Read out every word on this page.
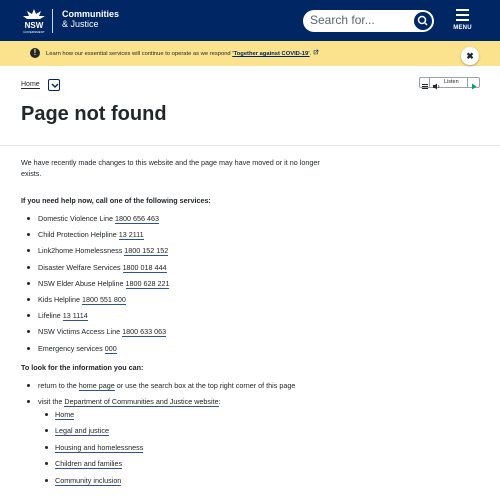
NSW
GOVERNMENT
Communities
& Justice	Search for...
MENU
!	Learn how our essential services will continue to operate as we respond 'Together against COVID-19'.	✖
Home	Listen
Page not found

We have recently made changes to this website and the page may have moved or it no longer exists.

If you need help now, call one of the following services:

Domestic Violence Line 1800 656 463
Child Protection Helpline 13 2111
Link2home Homelessness 1800 152 152
Disaster Welfare Services 1800 018 444
NSW Elder Abuse Helpline 1800 628 221
Kids Helpline 1800 551 800
Lifeline 13 1114
NSW Victims Access Line 1800 633 063
Emergency services 000

To look for the information you can:

return to the home page or use the search box at the top right corner of this page
visit the Department of Communities and Justice website:
Home
Legal and justice
Housing and homelessness
Children and families
Community inclusion
